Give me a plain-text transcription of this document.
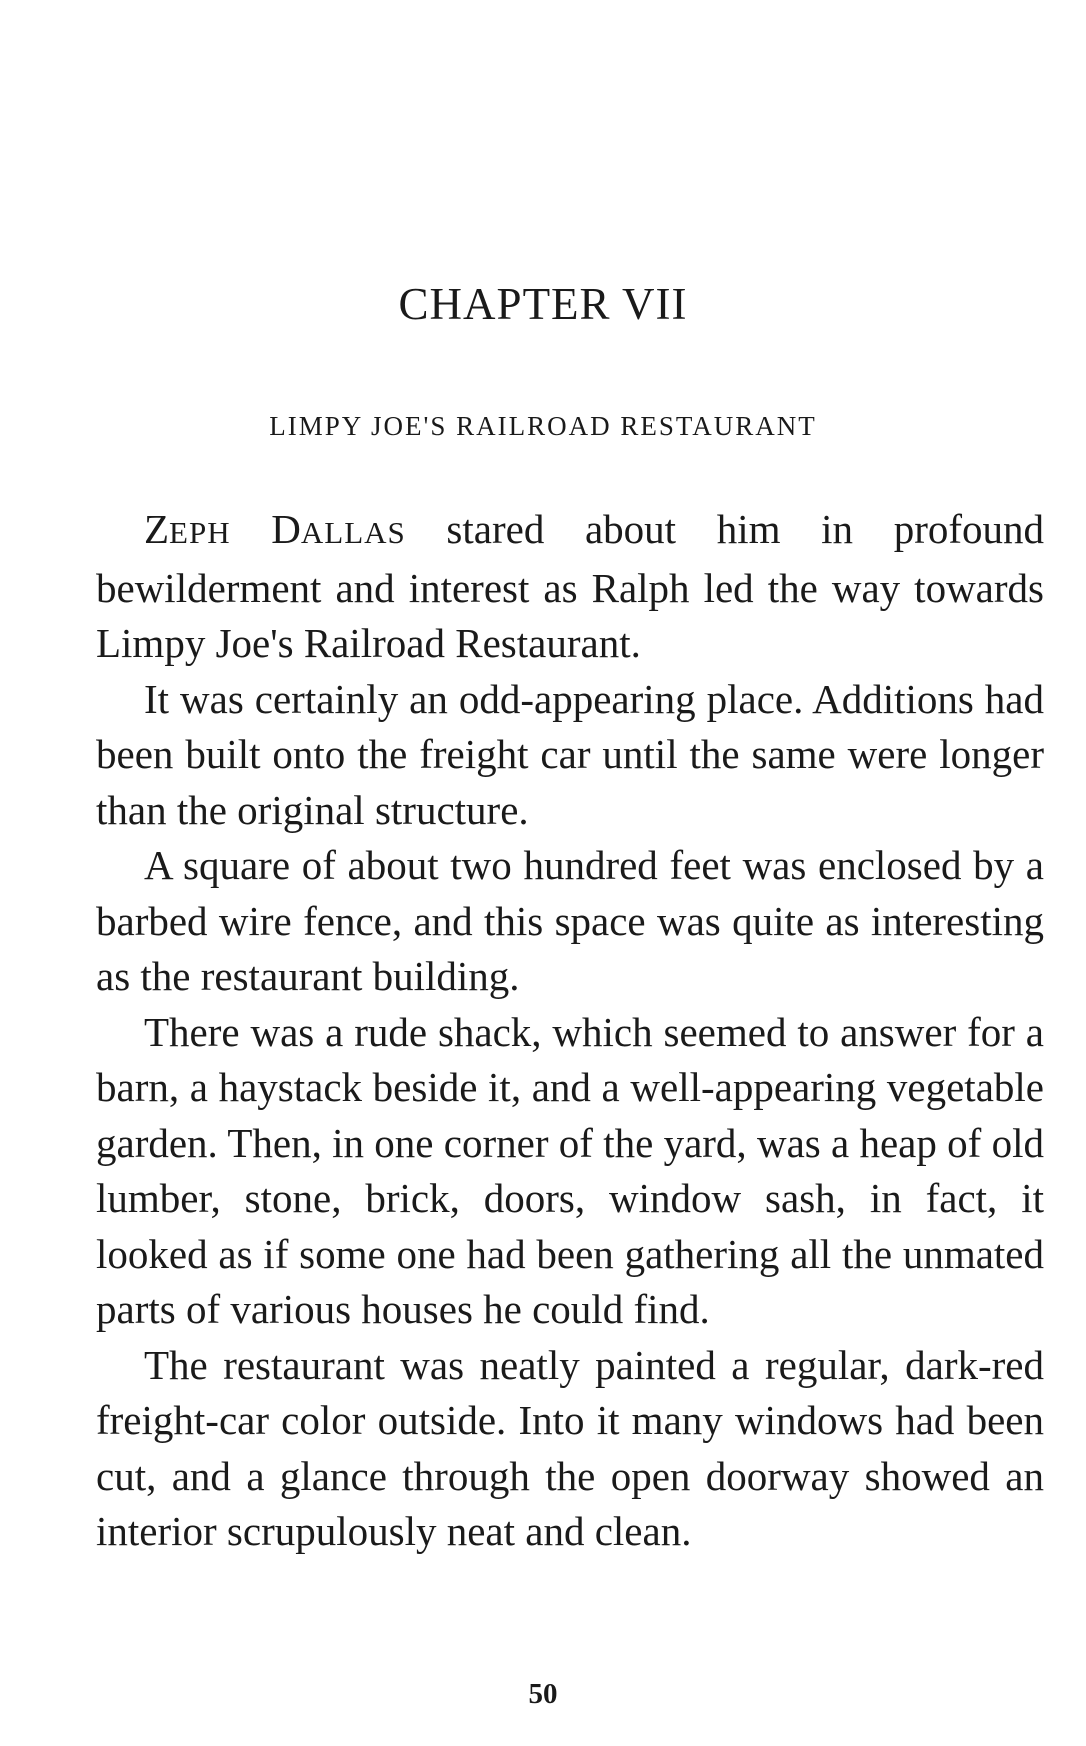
CHAPTER VII
LIMPY JOE'S RAILROAD RESTAURANT

ZEPH DALLAS stared about him in profound bewilderment and interest as Ralph led the way towards Limpy Joe's Railroad Restaurant.

It was certainly an odd-appearing place. Additions had been built onto the freight car until the same were longer than the original structure.

A square of about two hundred feet was enclosed by a barbed wire fence, and this space was quite as interesting as the restaurant building.

There was a rude shack, which seemed to answer for a barn, a haystack beside it, and a well-appearing vegetable garden. Then, in one corner of the yard, was a heap of old lumber, stone, brick, doors, window sash, in fact, it looked as if some one had been gathering all the unmated parts of various houses he could find.

The restaurant was neatly painted a regular, dark-red freight-car color outside. Into it many windows had been cut, and a glance through the open doorway showed an interior scrupulously neat and clean.

50
